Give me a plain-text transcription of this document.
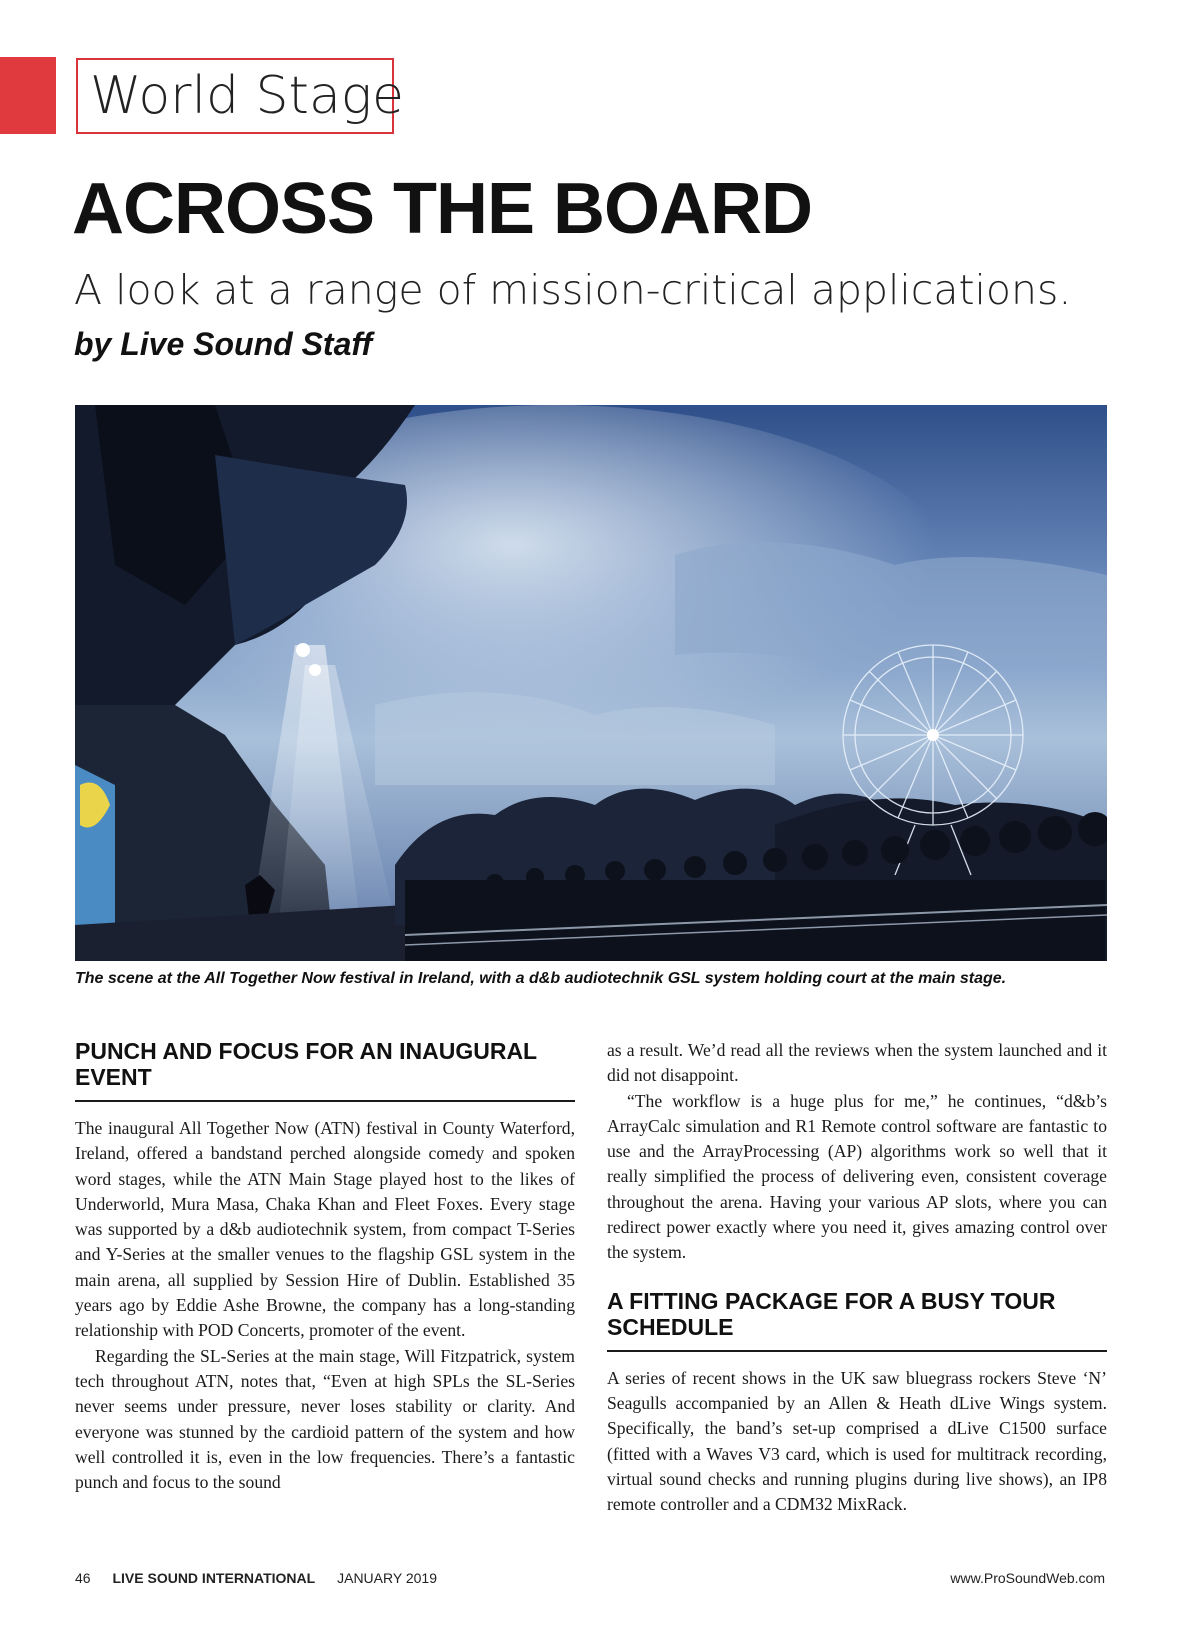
World Stage
ACROSS THE BOARD
A look at a range of mission-critical applications.
by Live Sound Staff
The scene at the All Together Now festival in Ireland, with a d&b audiotechnik GSL system holding court at the main stage.
PUNCH AND FOCUS FOR AN INAUGURAL EVENT

The inaugural All Together Now (ATN) festival in County Waterford, Ireland, offered a bandstand perched alongside comedy and spoken word stages, while the ATN Main Stage played host to the likes of Underworld, Mura Masa, Chaka Khan and Fleet Foxes. Every stage was supported by a d&b audiotechnik system, from compact T-Series and Y-Series at the smaller venues to the flagship GSL system in the main arena, all supplied by Session Hire of Dublin. Established 35 years ago by Eddie Ashe Browne, the company has a long-standing relationship with POD Concerts, promoter of the event.

Regarding the SL-Series at the main stage, Will Fitzpatrick, system tech throughout ATN, notes that, “Even at high SPLs the SL-Series never seems under pressure, never loses stability or clarity. And everyone was stunned by the cardioid pattern of the system and how well controlled it is, even in the low frequencies. There’s a fantastic punch and focus to the sound

as a result. We’d read all the reviews when the system launched and it did not disappoint.

“The workflow is a huge plus for me,” he continues, “d&b’s ArrayCalc simulation and R1 Remote control software are fantastic to use and the ArrayProcessing (AP) algorithms work so well that it really simplified the process of delivering even, consistent coverage throughout the arena. Having your various AP slots, where you can redirect power exactly where you need it, gives amazing control over the system.

A FITTING PACKAGE FOR A BUSY TOUR SCHEDULE

A series of recent shows in the UK saw bluegrass rockers Steve ‘N’ Seagulls accompanied by an Allen & Heath dLive Wings system. Specifically, the band’s set-up comprised a dLive C1500 surface (fitted with a Waves V3 card, which is used for multitrack recording, virtual sound checks and running plugins during live shows), an IP8 remote controller and a CDM32 MixRack.

46 LIVE SOUND INTERNATIONAL JANUARY 2019	www.ProSoundWeb.com
